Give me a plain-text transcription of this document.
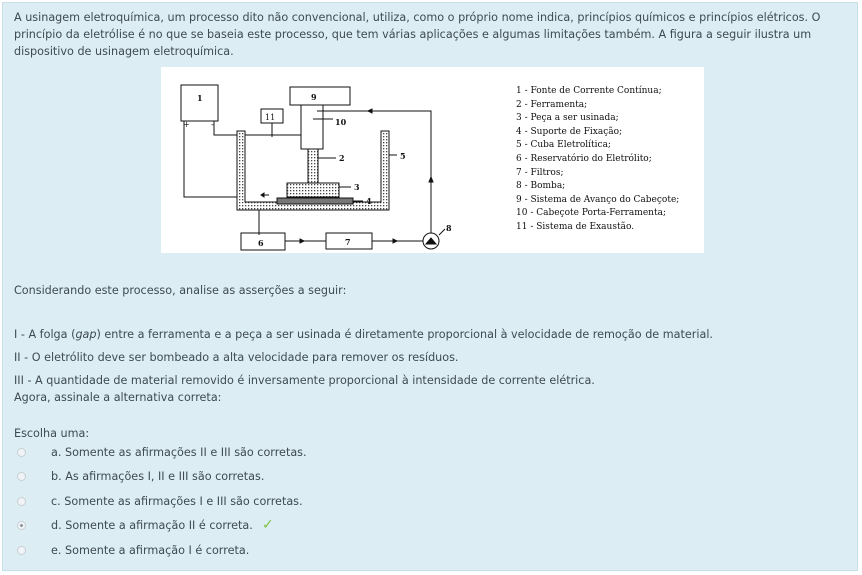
A usinagem eletroquímica, um processo dito não convencional, utiliza, como o próprio nome indica, princípios químicos e princípios elétricos. O princípio da eletrólise é no que se baseia este processo, que tem várias aplicações e algumas limitações também. A figura a seguir ilustra um dispositivo de usinagem eletroquímica.

1
+	-
9
11	10
5
2
3
4
6	7
8
1 - Fonte de Corrente Contínua;
2 - Ferramenta;
3 - Peça a ser usinada;
4 - Suporte de Fixação;
5 - Cuba Eletrolítica;
6 - Reservatório do Eletrólito;
7 - Filtros;
8 - Bomba;
9 - Sistema de Avanço do Cabeçote;
10 - Cabeçote Porta-Ferramenta;
11 - Sistema de Exaustão.

Considerando este processo, analise as asserções a seguir:

I - A folga (gap) entre a ferramenta e a peça a ser usinada é diretamente proporcional à velocidade de remoção de material.

II - O eletrólito deve ser bombeado a alta velocidade para remover os resíduos.

III - A quantidade de material removido é inversamente proporcional à intensidade de corrente elétrica.

Agora, assinale a alternativa correta:

Escolha uma:

a. Somente as afirmações II e III são corretas.
b. As afirmações I, II e III são corretas.
c. Somente as afirmações I e III são corretas.
d. Somente a afirmação II é correta. ✓
e. Somente a afirmação I é correta.
